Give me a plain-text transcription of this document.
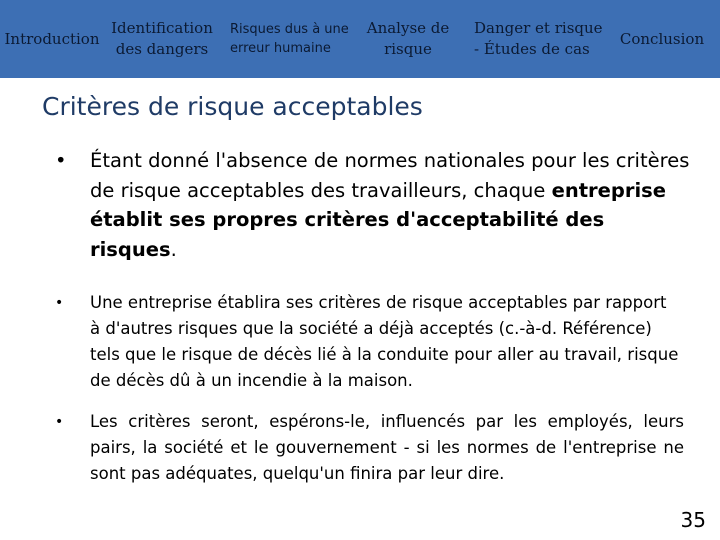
Introduction
Identification
des dangers
Risques dus à une
erreur humaine
Analyse de
risque
Danger et risque
- Études de cas
Conclusion
Critères de risque acceptables
• Étant donné l'absence de normes nationales pour les critères de risque acceptables des travailleurs, chaque entreprise établit ses propres critères d'acceptabilité des risques.
• Une entreprise établira ses critères de risque acceptables par rapport à d'autres risques que la société a déjà acceptés (c.-à-d. Référence) tels que le risque de décès lié à la conduite pour aller au travail, risque de décès dû à un incendie à la maison.
• Les critères seront, espérons-le, influencés par les employés, leurs pairs, la société et le gouvernement - si les normes de l'entreprise ne sont pas adéquates, quelqu'un finira par leur dire.
35
